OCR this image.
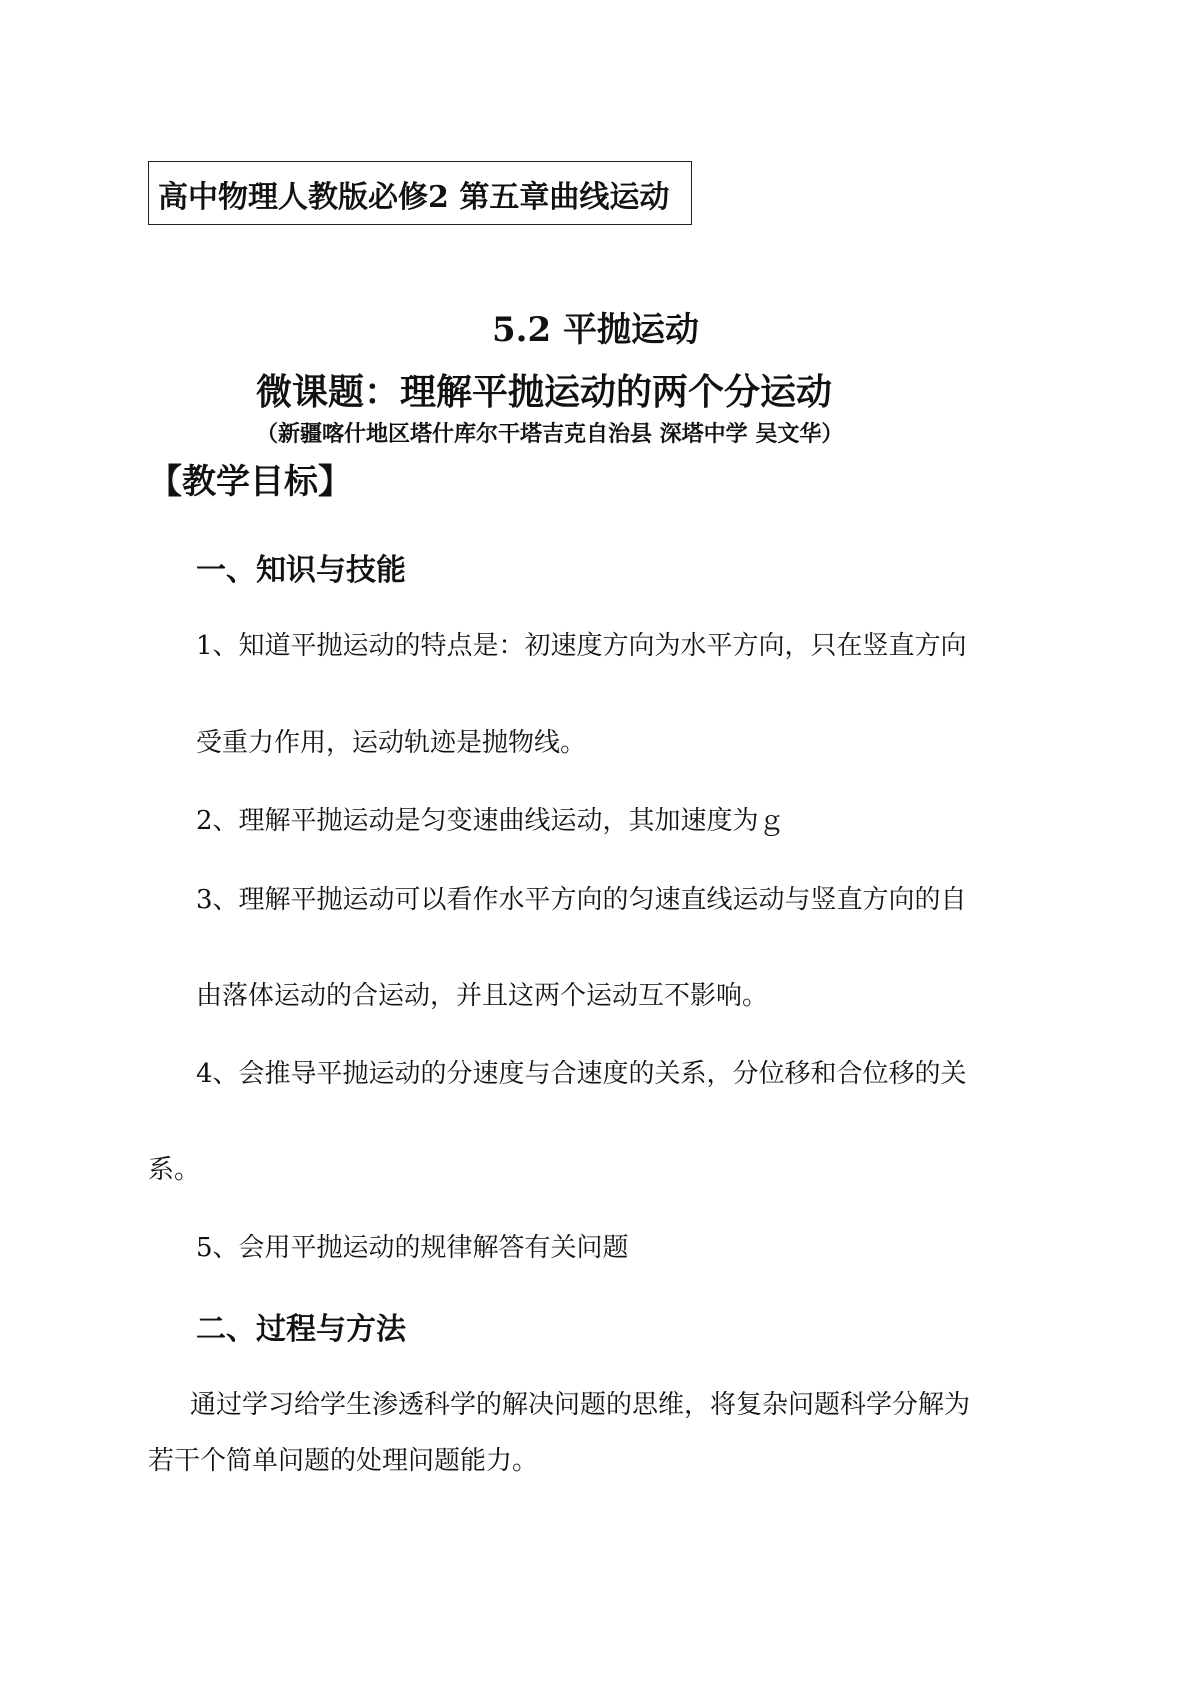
高中物理人教版必修2 第五章曲线运动
5.2 平抛运动
微课题：理解平抛运动的两个分运动
（新疆喀什地区塔什库尔干塔吉克自治县 深塔中学 吴文华）
【教学目标】
一、知识与技能
1、知道平抛运动的特点是：初速度方向为水平方向，只在竖直方向
受重力作用，运动轨迹是抛物线。
2、理解平抛运动是匀变速曲线运动，其加速度为ｇ
3、理解平抛运动可以看作水平方向的匀速直线运动与竖直方向的自
由落体运动的合运动，并且这两个运动互不影响。
4、会推导平抛运动的分速度与合速度的关系，分位移和合位移的关
系。
5、会用平抛运动的规律解答有关问题
二、过程与方法
通过学习给学生渗透科学的解决问题的思维，将复杂问题科学分解为
若干个简单问题的处理问题能力。
